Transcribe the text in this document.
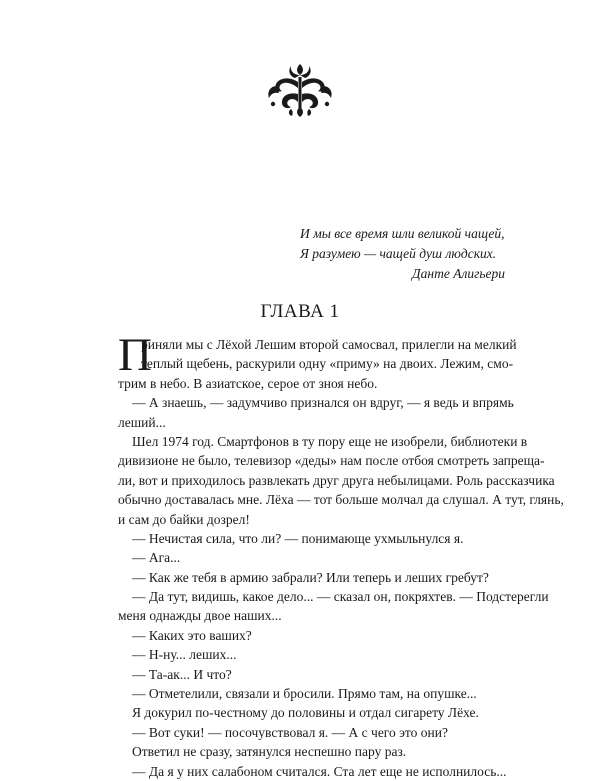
И мы все время шли великой чащей,
Я разумею — чащей душ людских.
Данте Алигьери
ГЛАВА 1
П
риняли мы с Лёхой Лешим второй самосвал, прилегли на мелкий
теплый щебень, раскурили одну «приму» на двоих. Лежим, смо-
трим в небо. В азиатское, серое от зноя небо.
— А знаешь, — задумчиво признался он вдруг, — я ведь и впрямь
леший...
Шел 1974 год. Смартфонов в ту пору еще не изобрели, библиотеки в
дивизионе не было, телевизор «деды» нам после отбоя смотреть запреща-
ли, вот и приходилось развлекать друг друга небылицами. Роль рассказчика
обычно доставалась мне. Лёха — тот больше молчал да слушал. А тут, глянь,
и сам до байки дозрел!
— Нечистая сила, что ли? — понимающе ухмыльнулся я.
— Ага...
— Как же тебя в армию забрали? Или теперь и леших гребут?
— Да тут, видишь, какое дело... — сказал он, покряхтев. — Подстерегли
меня однажды двое наших...
— Каких это ваших?
— Н-ну... леших...
— Та-ак... И что?
— Отметелили, связали и бросили. Прямо там, на опушке...
Я докурил по-честному до половины и отдал сигарету Лёхе.
— Вот суки! — посочувствовал я. — А с чего это они?
Ответил не сразу, затянулся неспешно пару раз.
— Да я у них салабоном считался. Ста лет еще не исполнилось...
